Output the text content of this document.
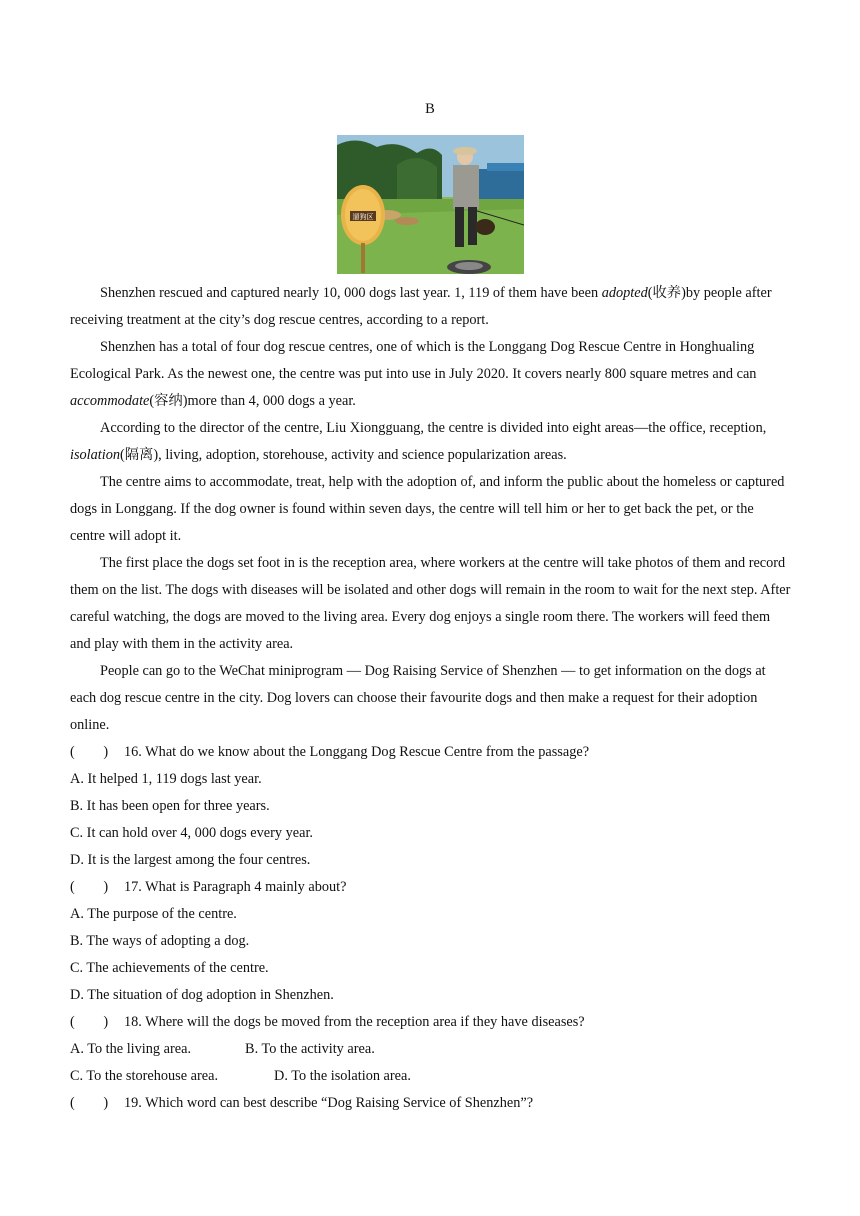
B
遛狗区

Shenzhen rescued and captured nearly 10, 000 dogs last year. 1, 119 of them have been adopted(收养)by people after receiving treatment at the city’s dog rescue centres, according to a report.

Shenzhen has a total of four dog rescue centres, one of which is the Longgang Dog Rescue Centre in Honghualing Ecological Park. As the newest one, the centre was put into use in July 2020. It covers nearly 800 square metres and can accommodate(容纳)more than 4, 000 dogs a year.

According to the director of the centre, Liu Xiongguang, the centre is divided into eight areas—the office, reception, isolation(隔离), living, adoption, storehouse, activity and science popularization areas.

The centre aims to accommodate, treat, help with the adoption of, and inform the public about the homeless or captured dogs in Longgang. If the dog owner is found within seven days, the centre will tell him or her to get back the pet, or the centre will adopt it.

The first place the dogs set foot in is the reception area, where workers at the centre will take photos of them and record them on the list. The dogs with diseases will be isolated and other dogs will remain in the room to wait for the next step. After careful watching, the dogs are moved to the living area. Every dog enjoys a single room there. The workers will feed them and play with them in the activity area.

People can go to the WeChat miniprogram — Dog Raising Service of Shenzhen — to get information on the dogs at each dog rescue centre in the city. Dog lovers can choose their favourite dogs and then make a request for their adoption online.

(　　) 16. What do we know about the Longgang Dog Rescue Centre from the passage?

A. It helped 1, 119 dogs last year.

B. It has been open for three years.

C. It can hold over 4, 000 dogs every year.

D. It is the largest among the four centres.

(　　) 17. What is Paragraph 4 mainly about?

A. The purpose of the centre.

B. The ways of adopting a dog.

C. The achievements of the centre.

D. The situation of dog adoption in Shenzhen.

(　　) 18. Where will the dogs be moved from the reception area if they have diseases?

A. To the living area.	B. To the activity area.

C. To the storehouse area.	D. To the isolation area.

(　　) 19. Which word can best describe “Dog Raising Service of Shenzhen”?
